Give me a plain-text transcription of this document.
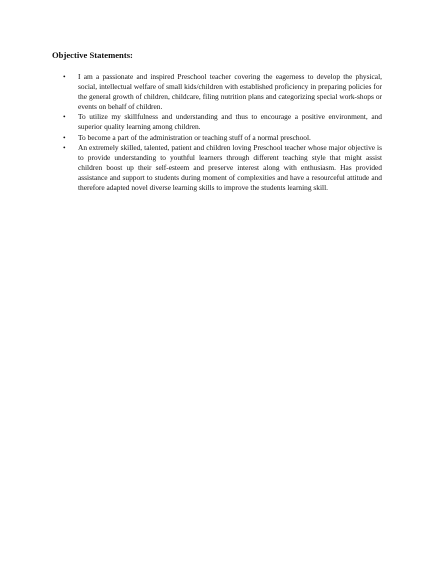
Objective Statements:
• I am a passionate and inspired Preschool teacher covering the eagerness to develop the physical, social, intellectual welfare of small kids/children with established proficiency in preparing policies for the general growth of children, childcare, filing nutrition plans and categorizing special work-shops or events on behalf of children.
• To utilize my skillfulness and understanding and thus to encourage a positive environment, and superior quality learning among children.
• To become a part of the administration or teaching stuff of a normal preschool.
• An extremely skilled, talented, patient and children loving Preschool teacher whose major objective is to provide understanding to youthful learners through different teaching style that might assist children boost up their self-esteem and preserve interest along with enthusiasm. Has provided assistance and support to students during moment of complexities and have a resourceful attitude and therefore adapted novel diverse learning skills to improve the students learning skill.
